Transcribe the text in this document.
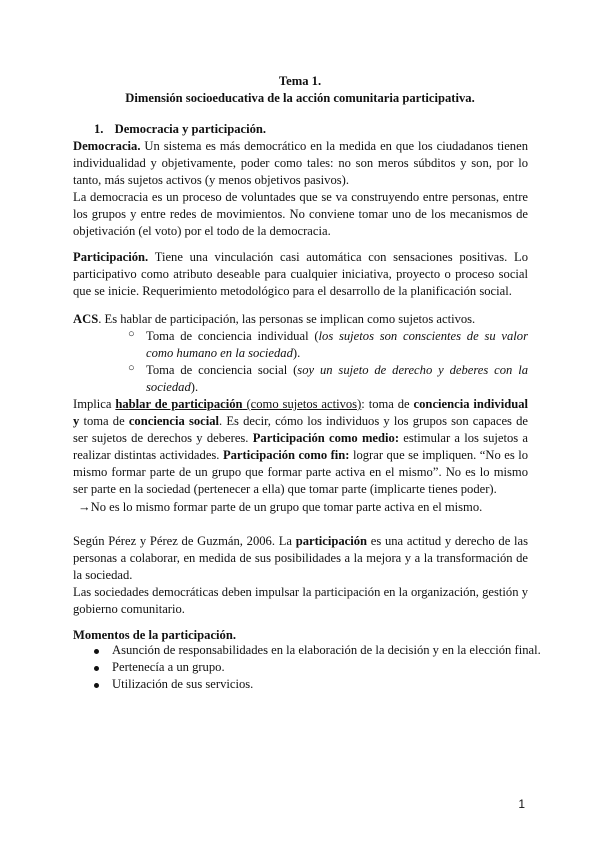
Tema 1.
Dimensión socioeducativa de la acción comunitaria participativa.
1. Democracia y participación.

Democracia. Un sistema es más democrático en la medida en que los ciudadanos tienen individualidad y objetivamente, poder como tales: no son meros súbditos y son, por lo tanto, más sujetos activos (y menos objetivos pasivos).

La democracia es un proceso de voluntades que se va construyendo entre personas, entre los grupos y entre redes de movimientos. No conviene tomar uno de los mecanismos de objetivación (el voto) por el todo de la democracia.

Participación. Tiene una vinculación casi automática con sensaciones positivas. Lo participativo como atributo deseable para cualquier iniciativa, proyecto o proceso social que se inicie. Requerimiento metodológico para el desarrollo de la planificación social.

ACS. Es hablar de participación, las personas se implican como sujetos activos.

○ Toma de conciencia individual (los sujetos son conscientes de su valor como humano en la sociedad).
○ Toma de conciencia social (soy un sujeto de derecho y deberes con la sociedad).

Implica hablar de participación (como sujetos activos): toma de conciencia individual y toma de conciencia social. Es decir, cómo los individuos y los grupos son capaces de ser sujetos de derechos y deberes. Participación como medio: estimular a los sujetos a realizar distintas actividades. Participación como fin: lograr que se impliquen. “No es lo mismo formar parte de un grupo que formar parte activa en el mismo”. No es lo mismo ser parte en la sociedad (pertenecer a ella) que tomar parte (implicarte tienes poder).

→No es lo mismo formar parte de un grupo que tomar parte activa en el mismo.

Según Pérez y Pérez de Guzmán, 2006. La participación es una actitud y derecho de las personas a colaborar, en medida de sus posibilidades a la mejora y a la transformación de la sociedad.

Las sociedades democráticas deben impulsar la participación en la organización, gestión y gobierno comunitario.

Momentos de la participación.
Asunción de responsabilidades en la elaboración de la decisión y en la elección final.
Pertenecía a un grupo.
Utilización de sus servicios.
1
